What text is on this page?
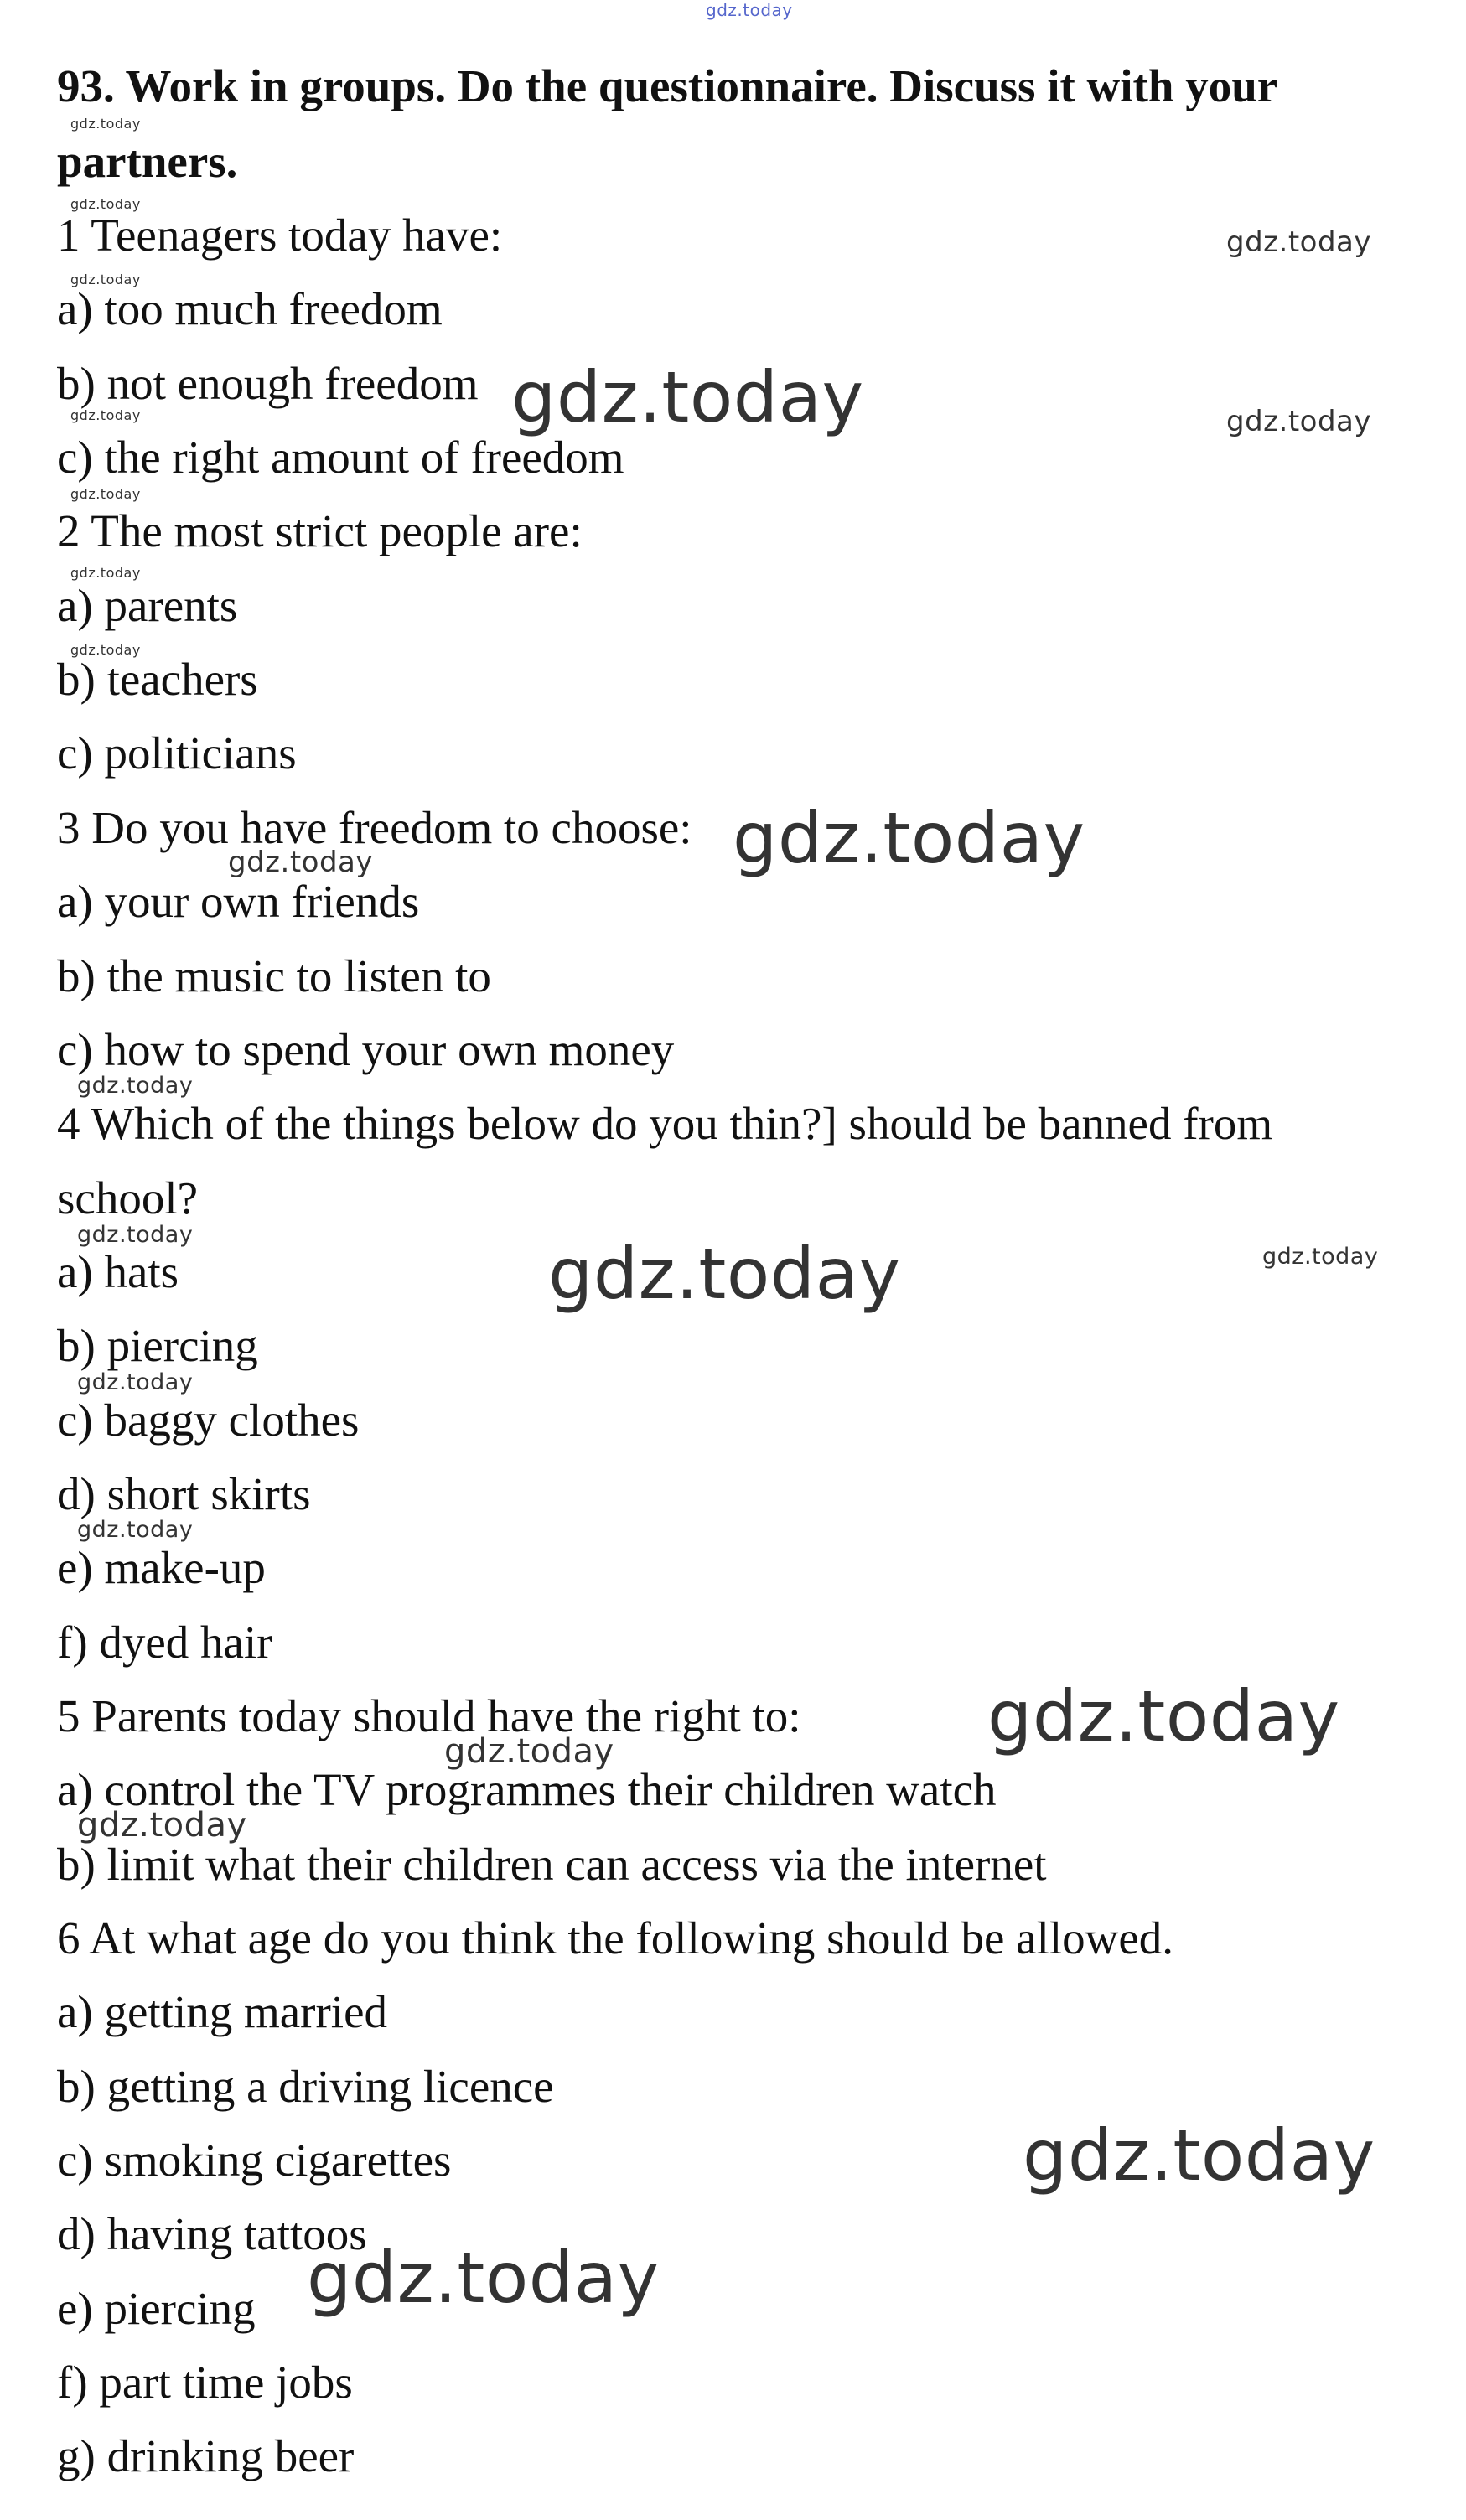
93. Work in groups. Do the questionnaire. Discuss it with your

partners.

1 Teenagers today have:

a) too much freedom

b) not enough freedom

c) the right amount of freedom

2 The most strict people are:

a) parents

b) teachers

c) politicians

3 Do you have freedom to choose:

a) your own friends

b) the music to listen to

c) how to spend your own money

4 Which of the things below do you thin?] should be banned from

school?

a) hats

b) piercing

c) baggy clothes

d) short skirts

e) make-up

f) dyed hair

5 Parents today should have the right to:

a) control the TV programmes their children watch

b) limit what their children can access via the internet

6 At what age do you think the following should be allowed.

a) getting married

b) getting a driving licence

c) smoking cigarettes

d) having tattoos

e) piercing

f) part time jobs

g) drinking beer

gdz.today
gdz.today
gdz.today
gdz.today
gdz.today
gdz.today
gdz.today	gdz.today
gdz.today
gdz.today
gdz.today
gdz.today
gdz.today
gdz.today
gdz.today
gdz.today
gdz.today
gdz.today
gdz.today
gdz.today
gdz.today
gdz.today
gdz.today
gdz.today
